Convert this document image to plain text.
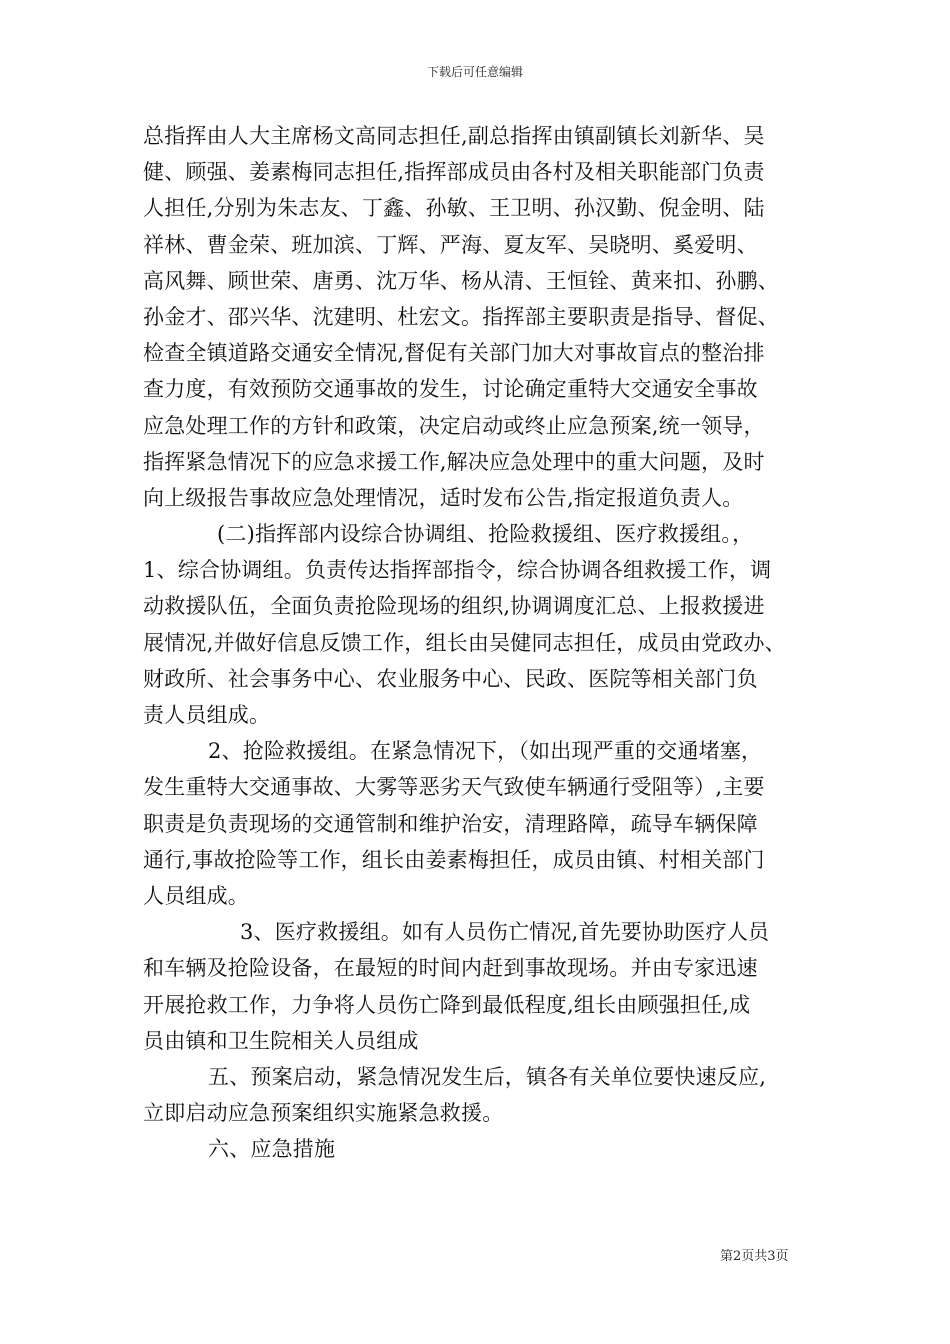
下载后可任意编辑
总指挥由人大主席杨文高同志担任,副总指挥由镇副镇长刘新华、吴
健、顾强、姜素梅同志担任,指挥部成员由各村及相关职能部门负责
人担任,分别为朱志友、丁鑫、孙敏、王卫明、孙汉勤、倪金明、陆
祥林、曹金荣、班加滨、丁辉、严海、夏友军、吴晓明、奚爱明、
高风舞、顾世荣、唐勇、沈万华、杨从清、王恒铨、黄来扣、孙鹏、
孙金才、邵兴华、沈建明、杜宏文。指挥部主要职责是指导、督促、
检查全镇道路交通安全情况,督促有关部门加大对事故盲点的整治排
查力度，有效预防交通事故的发生，讨论确定重特大交通安全事故
应急处理工作的方针和政策，决定启动或终止应急预案,统一领导，
指挥紧急情况下的应急求援工作,解决应急处理中的重大问题，及时
向上级报告事故应急处理情况，适时发布公告,指定报道负责人。
(二)指挥部内设综合协调组、抢险救援组、医疗救援组。，
1、综合协调组。负责传达指挥部指令，综合协调各组救援工作，调
动救援队伍，全面负责抢险现场的组织,协调调度汇总、上报救援进
展情况,并做好信息反馈工作，组长由吴健同志担任，成员由党政办、
财政所、社会事务中心、农业服务中心、民政、医院等相关部门负
责人员组成。
2、抢险救援组。在紧急情况下，（如出现严重的交通堵塞，
发生重特大交通事故、大雾等恶劣天气致使车辆通行受阻等）,主要
职责是负责现场的交通管制和维护治安，清理路障，疏导车辆保障
通行,事故抢险等工作，组长由姜素梅担任，成员由镇、村相关部门
人员组成。
3、医疗救援组。如有人员伤亡情况,首先要协助医疗人员
和车辆及抢险设备，在最短的时间内赶到事故现场。并由专家迅速
开展抢救工作，力争将人员伤亡降到最低程度,组长由顾强担任,成
员由镇和卫生院相关人员组成
五、预案启动，紧急情况发生后，镇各有关单位要快速反应,
立即启动应急预案组织实施紧急救援。
六、应急措施
第2页共3页
